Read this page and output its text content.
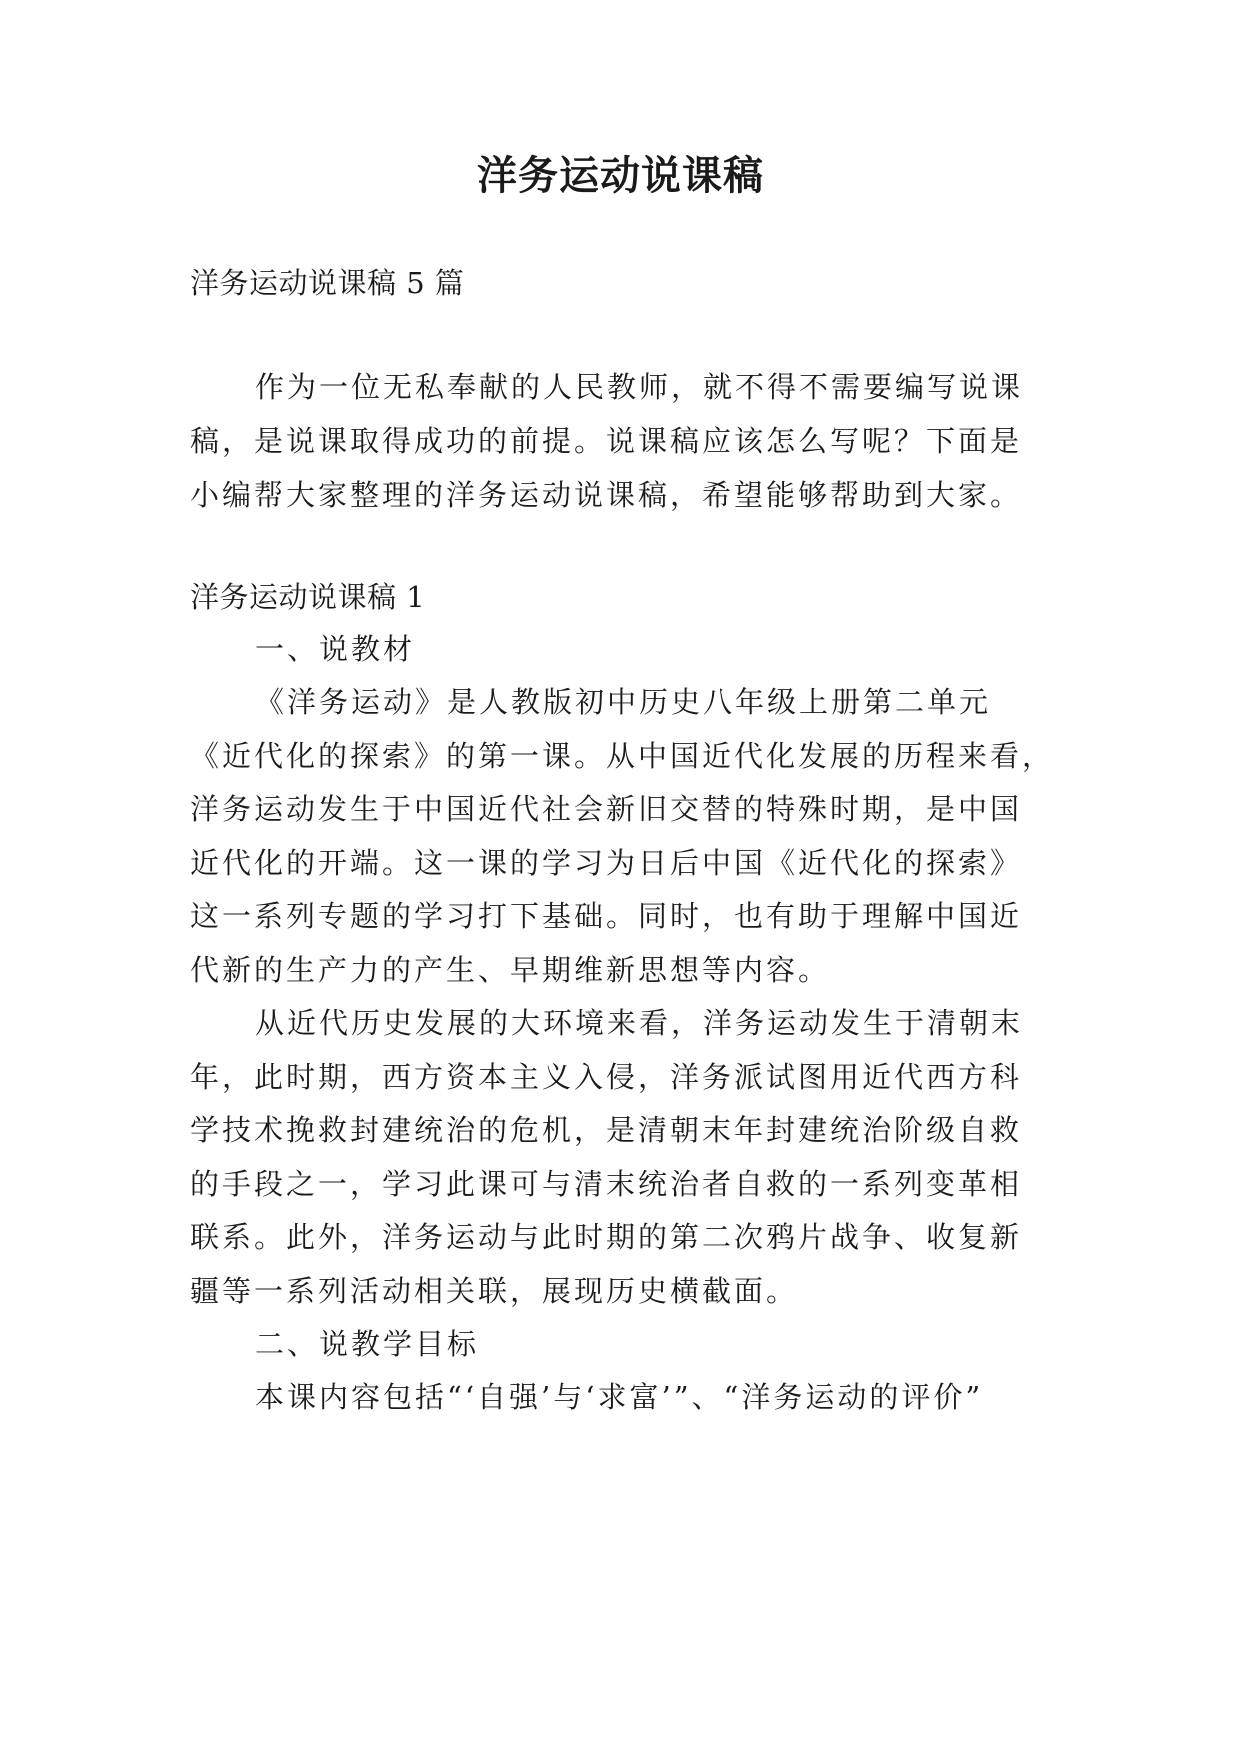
洋务运动说课稿

洋务运动说课稿 5 篇

作为一位无私奉献的人民教师，就不得不需要编写说课

稿，是说课取得成功的前提。说课稿应该怎么写呢？下面是

小编帮大家整理的洋务运动说课稿，希望能够帮助到大家。

洋务运动说课稿 1

一、说教材

《洋务运动》是人教版初中历史八年级上册第二单元

《近代化的探索》的第一课。从中国近代化发展的历程来看，

洋务运动发生于中国近代社会新旧交替的特殊时期，是中国

近代化的开端。这一课的学习为日后中国《近代化的探索》

这一系列专题的学习打下基础。同时，也有助于理解中国近

代新的生产力的产生、早期维新思想等内容。

从近代历史发展的大环境来看，洋务运动发生于清朝末

年，此时期，西方资本主义入侵，洋务派试图用近代西方科

学技术挽救封建统治的危机，是清朝末年封建统治阶级自救

的手段之一，学习此课可与清末统治者自救的一系列变革相

联系。此外，洋务运动与此时期的第二次鸦片战争、收复新

疆等一系列活动相关联，展现历史横截面。

二、说教学目标

本课内容包括“‘自强’与‘求富’”、“洋务运动的评价”
